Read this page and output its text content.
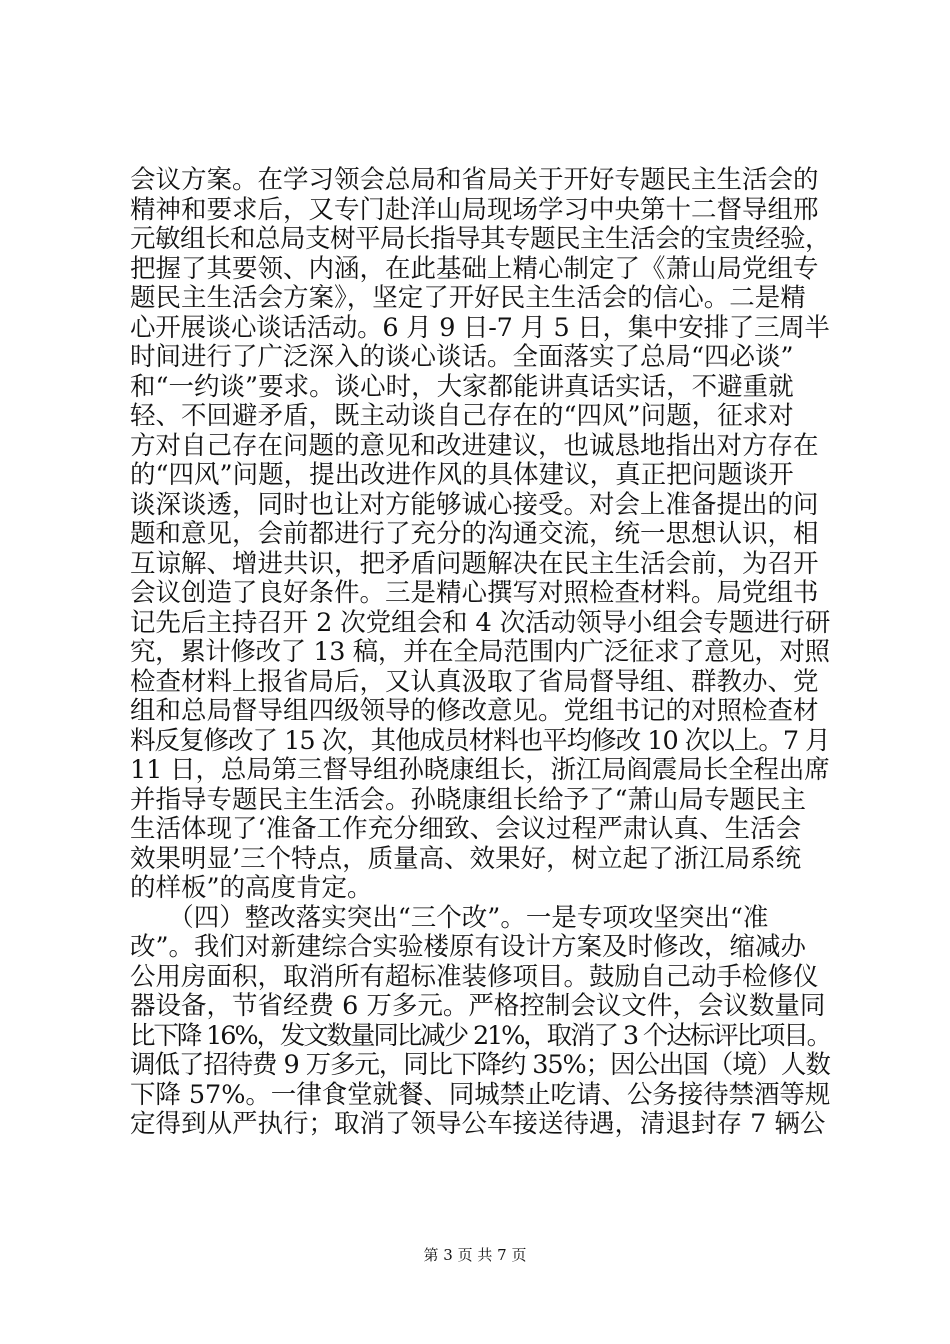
会议方案。在学习领会总局和省局关于开好专题民主生活会的
精神和要求后，又专门赴洋山局现场学习中央第十二督导组邢
元敏组长和总局支树平局长指导其专题民主生活会的宝贵经验，
把握了其要领、内涵，在此基础上精心制定了《萧山局党组专
题民主生活会方案》，坚定了开好民主生活会的信心。二是精
心开展谈心谈话活动。6 月 9 日-7 月 5 日，集中安排了三周半
时间进行了广泛深入的谈心谈话。全面落实了总局“四必谈”
和“一约谈”要求。谈心时，大家都能讲真话实话，不避重就
轻、不回避矛盾，既主动谈自己存在的“四风”问题，征求对
方对自己存在问题的意见和改进建议，也诚恳地指出对方存在
的“四风”问题，提出改进作风的具体建议，真正把问题谈开
谈深谈透，同时也让对方能够诚心接受。对会上准备提出的问
题和意见，会前都进行了充分的沟通交流，统一思想认识，相
互谅解、增进共识，把矛盾问题解决在民主生活会前，为召开
会议创造了良好条件。三是精心撰写对照检查材料。局党组书
记先后主持召开 2 次党组会和 4 次活动领导小组会专题进行研
究，累计修改了 13 稿，并在全局范围内广泛征求了意见，对照
检查材料上报省局后，又认真汲取了省局督导组、群教办、党
组和总局督导组四级领导的修改意见。党组书记的对照检查材
料反复修改了 15 次，其他成员材料也平均修改 10 次以上。7 月
11 日，总局第三督导组孙晓康组长，浙江局阎震局长全程出席
并指导专题民主生活会。孙晓康组长给予了“萧山局专题民主
生活体现了‘准备工作充分细致、会议过程严肃认真、生活会
效果明显’三个特点，质量高、效果好，树立起了浙江局系统
的样板”的高度肯定。
　　（四）整改落实突出“三个改”。一是专项攻坚突出“准
改”。我们对新建综合实验楼原有设计方案及时修改，缩减办
公用房面积，取消所有超标准装修项目。鼓励自己动手检修仪
器设备，节省经费 6 万多元。严格控制会议文件，会议数量同
比下降 16%，发文数量同比减少 21%，取消了 3 个达标评比项目。
调低了招待费 9 万多元，同比下降约 35%；因公出国（境）人数
下降 57%。一律食堂就餐、同城禁止吃请、公务接待禁酒等规
定得到从严执行；取消了领导公车接送待遇，清退封存 7 辆公
第 3 页 共 7 页
